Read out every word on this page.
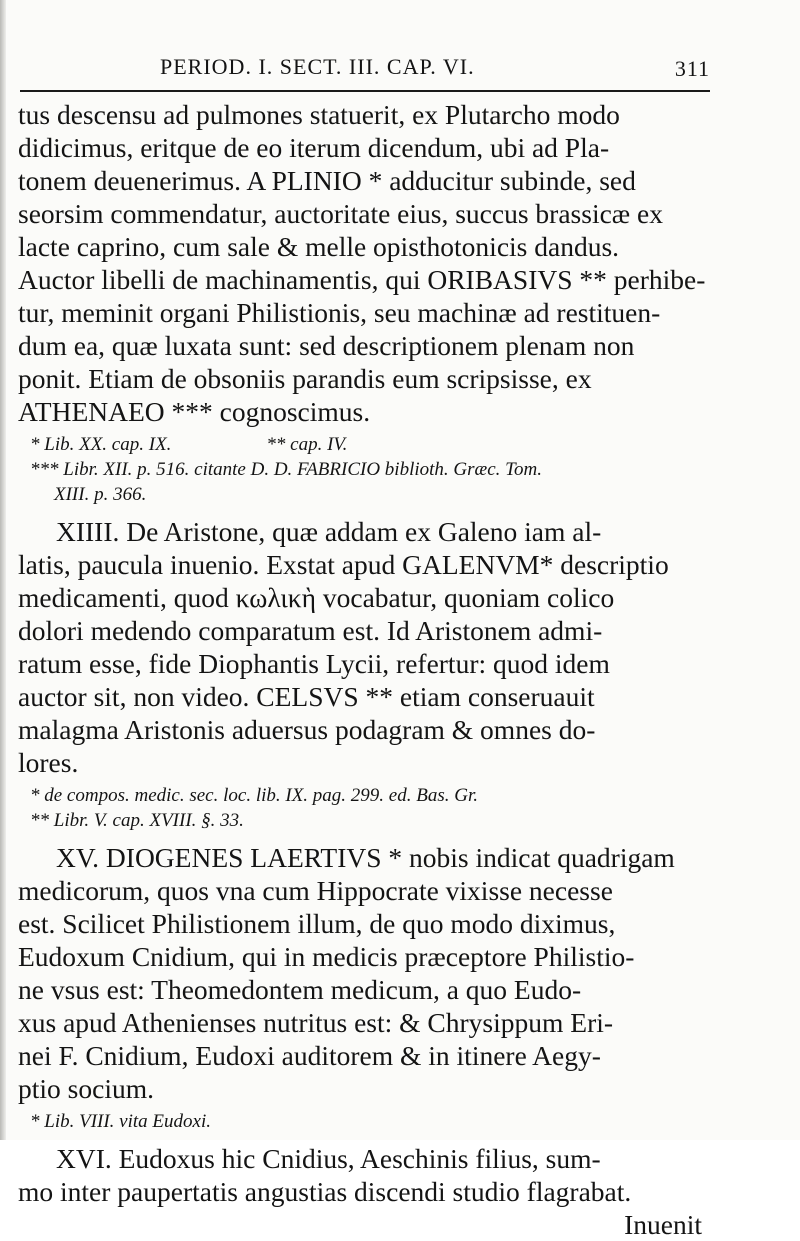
PERIOD. I. SECT. III. CAP. VI.	311
tus descensu ad pulmones statuerit, ex Plutarcho modo
didicimus, eritque de eo iterum dicendum, ubi ad Pla-
tonem deuenerimus. A PLINIO * adducitur subinde, sed
seorsim commendatur, auctoritate eius, succus brassicæ ex
lacte caprino, cum sale & melle opisthotonicis dandus.
Auctor libelli de machinamentis, qui ORIBASIVS ** perhibe-
tur, meminit organi Philistionis, seu machinæ ad restituen-
dum ea, quæ luxata sunt: sed descriptionem plenam non
ponit. Etiam de obsoniis parandis eum scripsisse, ex
ATHENAEO *** cognoscimus.
* Lib. XX. cap. IX.                    ** cap. IV.
*** Libr. XII. p. 516. citante D. D. FABRICIO biblioth. Græc. Tom.
XIII. p. 366.
XIIII. De Aristone, quæ addam ex Galeno iam al-
latis, paucula inuenio. Exstat apud GALENVM* descriptio
medicamenti, quod κωλικὴ vocabatur, quoniam colico
dolori medendo comparatum est. Id Aristonem admi-
ratum esse, fide Diophantis Lycii, refertur: quod idem
auctor sit, non video. CELSVS ** etiam conseruauit
malagma Aristonis aduersus podagram & omnes do-
lores.
* de compos. medic. sec. loc. lib. IX. pag. 299. ed. Bas. Gr.
** Libr. V. cap. XVIII. §. 33.
XV. DIOGENES LAERTIVS * nobis indicat quadrigam
medicorum, quos vna cum Hippocrate vixisse necesse
est. Scilicet Philistionem illum, de quo modo diximus,
Eudoxum Cnidium, qui in medicis præceptore Philistio-
ne vsus est: Theomedontem medicum, a quo Eudo-
xus apud Athenienses nutritus est: & Chrysippum Eri-
nei F. Cnidium, Eudoxi auditorem & in itinere Aegy-
ptio socium.
* Lib. VIII. vita Eudoxi.
XVI. Eudoxus hic Cnidius, Aeschinis filius, sum-
mo inter paupertatis angustias discendi studio flagrabat.
Inuenit
